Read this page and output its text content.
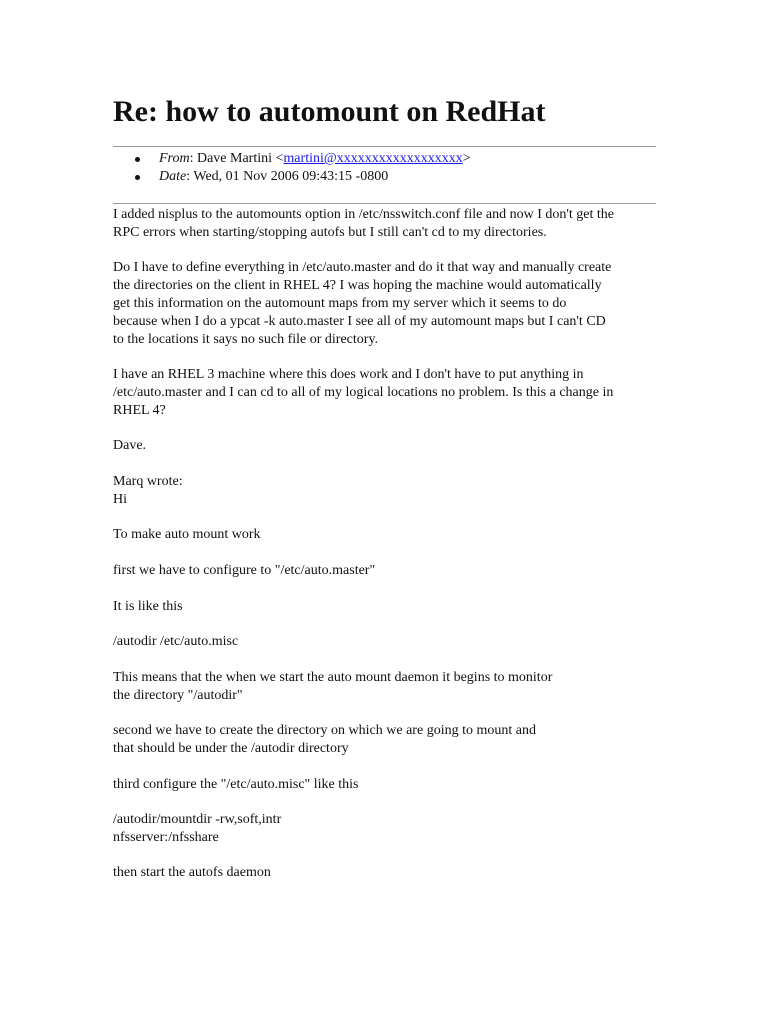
Re: how to automount on RedHat
From: Dave Martini <martini@xxxxxxxxxxxxxxxxxx>
Date: Wed, 01 Nov 2006 09:43:15 -0800

I added nisplus to the automounts option in /etc/nsswitch.conf file and now I don't get the
RPC errors when starting/stopping autofs but I still can't cd to my directories.

Do I have to define everything in /etc/auto.master and do it that way and manually create
the directories on the client in RHEL 4? I was hoping the machine would automatically
get this information on the automount maps from my server which it seems to do
because when I do a ypcat -k auto.master I see all of my automount maps but I can't CD
to the locations it says no such file or directory.

I have an RHEL 3 machine where this does work and I don't have to put anything in
/etc/auto.master and I can cd to all of my logical locations no problem. Is this a change in
RHEL 4?

Dave.

Marq wrote:
Hi

To make auto mount work

first we have to configure to "/etc/auto.master"

It is like this

/autodir /etc/auto.misc

This means that the when we start the auto mount daemon it begins to monitor
the directory "/autodir"

second we have to create the directory on which we are going to mount and
that should be under the /autodir directory

third configure the "/etc/auto.misc" like this

/autodir/mountdir -rw,soft,intr
nfsserver:/nfsshare

then start the autofs daemon
